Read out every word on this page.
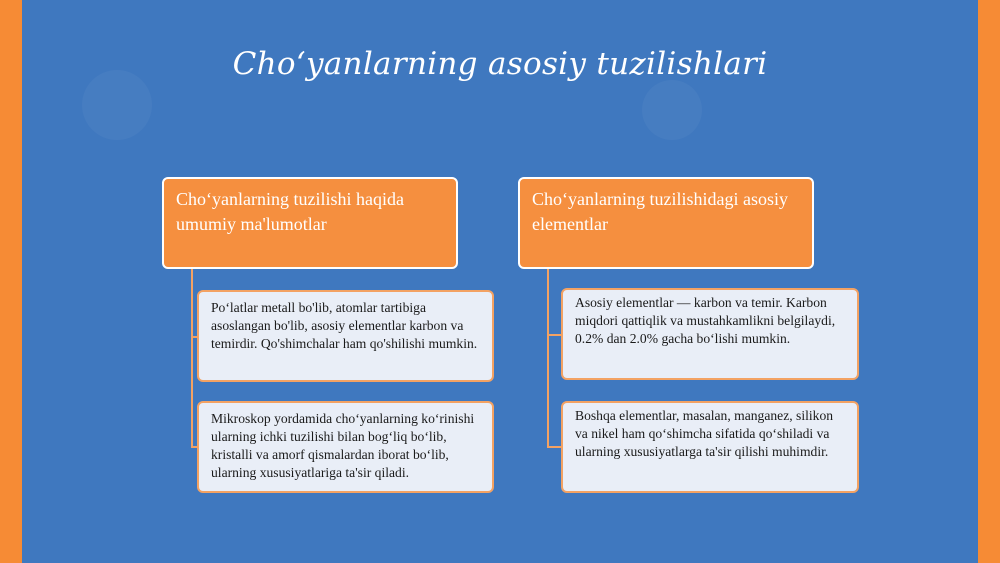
Cho‘yanlarning asosiy tuzilishlari
Cho‘yanlarning tuzilishi haqida umumiy ma'lumotlar
Po‘latlar metall bo'lib, atomlar tartibiga asoslangan bo'lib, asosiy elementlar karbon va temirdir. Qo'shimchalar ham qo'shilishi mumkin.
Mikroskop yordamida cho‘yanlarning ko‘rinishi ularning ichki tuzilishi bilan bog‘liq bo‘lib, kristalli va amorf qismalardan iborat bo‘lib, ularning xususiyatlariga ta'sir qiladi.
Cho‘yanlarning tuzilishidagi asosiy elementlar
Asosiy elementlar — karbon va temir. Karbon miqdori qattiqlik va mustahkamlikni belgilaydi, 0.2% dan 2.0% gacha bo‘lishi mumkin.
Boshqa elementlar, masalan, manganez, silikon va nikel ham qo‘shimcha sifatida qo‘shiladi va ularning xususiyatlarga ta'sir qilishi muhimdir.
